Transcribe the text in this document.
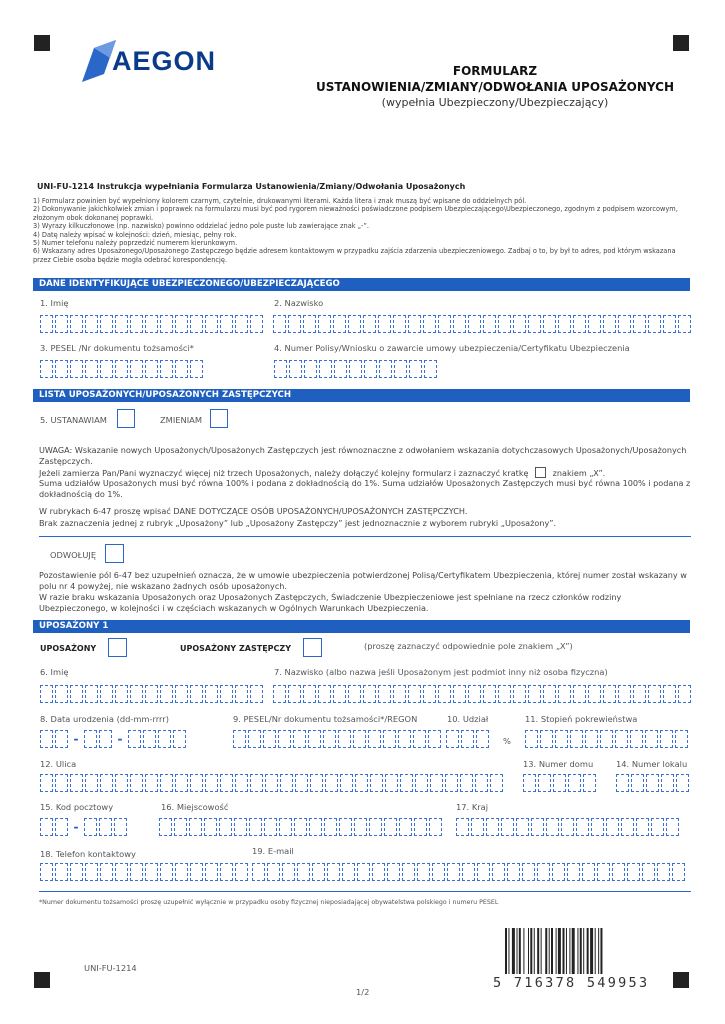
AEGON	FORMULARZ
USTANOWIENIA/ZMIANY/ODWOŁANIA UPOSAŻONYCH
(wypełnia Ubezpieczony/Ubezpieczający)
UNI-FU-1214 Instrukcja wypełniania Formularza Ustanowienia/Zmiany/Odwołania Uposażonych
1) Formularz powinien być wypełniony kolorem czarnym, czytelnie, drukowanymi literami. Każda litera i znak muszą być wpisane do oddzielnych pól.
2) Dokonywanie jakichkolwiek zmian i poprawek na formularzu musi być pod rygorem nieważności poświadczone podpisem Ubezpieczającego\Ubezpieczonego, zgodnym z podpisem wzorcowym, złożonym obok dokonanej poprawki.
3) Wyrazy kilkuczłonowe (np. nazwisko) powinno oddzielać jedno pole puste lub zawierające znak „-”.
4) Datę należy wpisać w kolejności: dzień, miesiąc, pełny rok.
5) Numer telefonu należy poprzedzić numerem kierunkowym.
6) Wskazany adres Uposażonego/Uposażonego Zastępczego będzie adresem kontaktowym w przypadku zajścia zdarzenia ubezpieczeniowego. Zadbaj o to, by był to adres, pod którym wskazana przez Ciebie osoba będzie mogła odebrać korespondencję.
DANE IDENTYFIKUJĄCE UBEZPIECZONEGO/UBEZPIECZAJĄCEGO
1. Imię	2. Nazwisko
3. PESEL /Nr dokumentu tożsamości*	4. Numer Polisy/Wniosku o zawarcie umowy ubezpieczenia/Certyfikatu Ubezpieczenia
LISTA UPOSAŻONYCH/UPOSAŻONYCH ZASTĘPCZYCH
5. USTANAWIAM	ZMIENIAM
UWAGA: Wskazanie nowych Uposażonych/Uposażonych Zastępczych jest równoznaczne z odwołaniem wskazania dotychczasowych Uposażonych/Uposażonych Zastępczych.
Jeżeli zamierza Pan/Pani wyznaczyć więcej niż trzech Uposażonych, należy dołączyć kolejny formularz i zaznaczyć kratkę	znakiem „X”.
Suma udziałów Uposażonych musi być równa 100% i podana z dokładnością do 1%. Suma udziałów Uposażonych Zastępczych musi być równa 100% i podana z dokładnością do 1%.
W rubrykach 6-47 proszę wpisać DANE DOTYCZĄCE OSÓB UPOSAŻONYCH/UPOSAŻONYCH ZASTĘPCZYCH.
Brak zaznaczenia jednej z rubryk „Uposażony” lub „Uposażony Zastępczy” jest jednoznacznie z wyborem rubryki „Uposażony”.
ODWOŁUJĘ
Pozostawienie pól 6-47 bez uzupełnień oznacza, że w umowie ubezpieczenia potwierdzonej Polisą/Certyfikatem Ubezpieczenia, której numer został wskazany w polu nr 4 powyżej, nie wskazano żadnych osób uposażonych.
W razie braku wskazania Uposażonych oraz Uposażonych Zastępczych, Świadczenie Ubezpieczeniowe jest spełniane na rzecz członków rodziny Ubezpieczonego, w kolejności i w częściach wskazanych w Ogólnych Warunkach Ubezpieczenia.
UPOSAŻONY 1
UPOSAŻONY	UPOSAŻONY ZASTĘPCZY	(proszę zaznaczyć odpowiednie pole znakiem „X”)
6. Imię	7. Nazwisko (albo nazwa jeśli Uposażonym jest podmiot inny niż osoba fizyczna)
8. Data urodzenia (dd-mm-rrrr)	9. PESEL/Nr dokumentu tożsamości*/REGON	10. Udział	11. Stopień pokrewieństwa
-	-	%
12. Ulica	13. Numer domu	14. Numer lokalu
15. Kod pocztowy	16. Miejscowość	17. Kraj
-
18. Telefon kontaktowy	19. E-mail
*Numer dokumentu tożsamości proszę uzupełnić wyłącznie w przypadku osoby fizycznej nieposiadającej obywatelstwa polskiego i numeru PESEL
5 716378 549953
UNI-FU-1214
1/2
